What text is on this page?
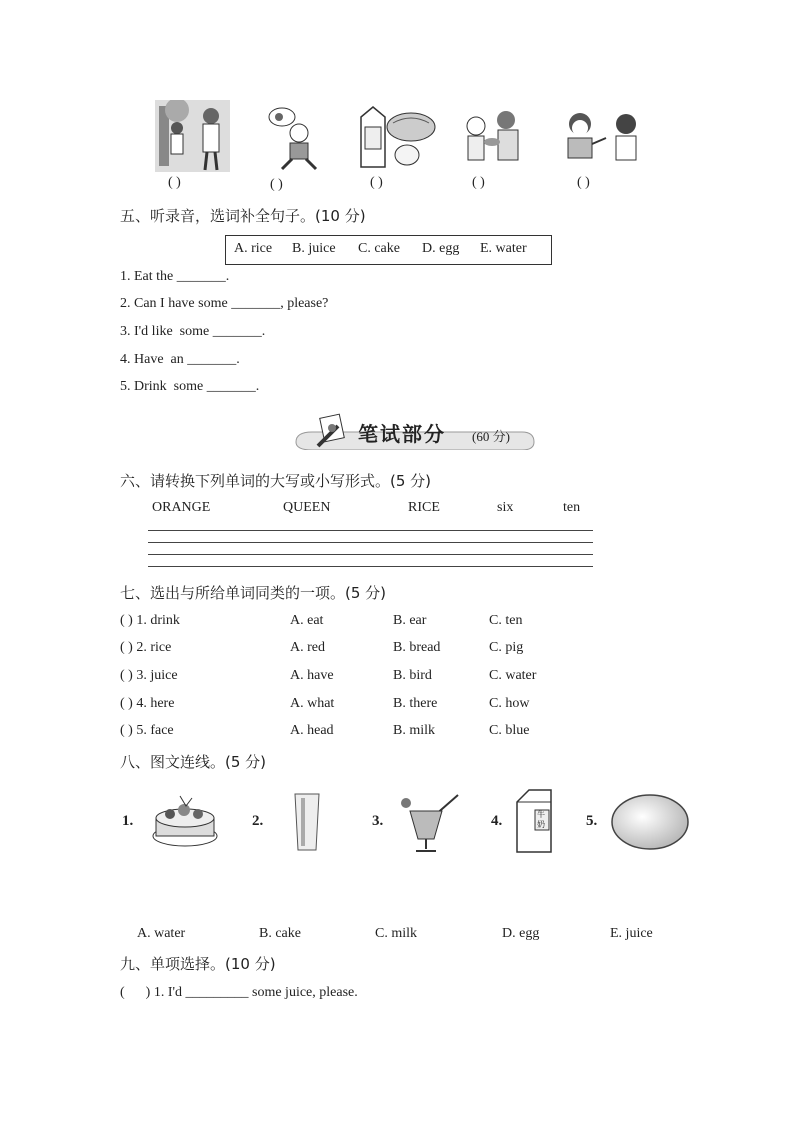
( )	( )	( )	( )	( )
五、听录音，选词补全句子。(10 分)
A. rice B. juice C. cake D. egg E. water
1. Eat the _______.
2. Can I have some _______, please?
3. I'd like  some _______.
4. Have  an _______.
5. Drink  some _______.
笔试部分 (60 分)
六、请转换下列单词的大写或小写形式。(5 分)
ORANGE	QUEEN	RICE	six	ten
七、选出与所给单词同类的一项。(5 分)
( ) 1. drink	A. eat	B. ear	C. ten
( ) 2. rice	A. red	B. bread	C. pig
( ) 3. juice	A. have	B. bird	C. water
( ) 4. here	A. what	B. there	C. how
( ) 5. face	A. head	B. milk	C. blue
八、图文连线。(5 分)
1.	2.	3.	4.	牛奶	5.
A. water	B. cake	C. milk	D. egg	E. juice
九、单项选择。(10 分)
(      ) 1. I'd _________ some juice, please.
